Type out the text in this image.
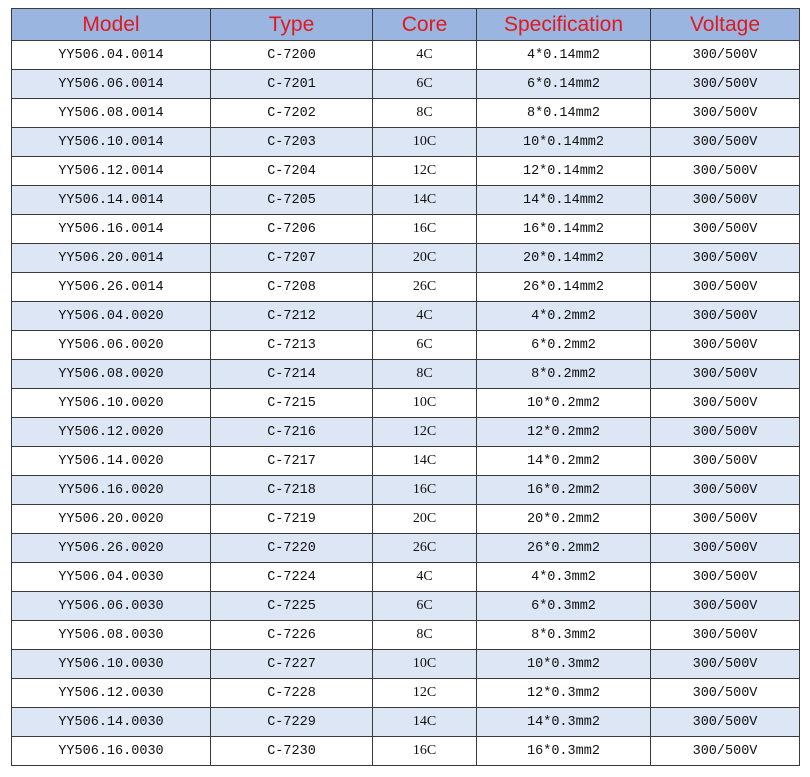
Model	Type	Core	Specification	Voltage
YY506.04.0014	C-7200	4C	4*0.14mm2	300/500V
YY506.06.0014	C-7201	6C	6*0.14mm2	300/500V
YY506.08.0014	C-7202	8C	8*0.14mm2	300/500V
YY506.10.0014	C-7203	10C	10*0.14mm2	300/500V
YY506.12.0014	C-7204	12C	12*0.14mm2	300/500V
YY506.14.0014	C-7205	14C	14*0.14mm2	300/500V
YY506.16.0014	C-7206	16C	16*0.14mm2	300/500V
YY506.20.0014	C-7207	20C	20*0.14mm2	300/500V
YY506.26.0014	C-7208	26C	26*0.14mm2	300/500V
YY506.04.0020	C-7212	4C	4*0.2mm2	300/500V
YY506.06.0020	C-7213	6C	6*0.2mm2	300/500V
YY506.08.0020	C-7214	8C	8*0.2mm2	300/500V
YY506.10.0020	C-7215	10C	10*0.2mm2	300/500V
YY506.12.0020	C-7216	12C	12*0.2mm2	300/500V
YY506.14.0020	C-7217	14C	14*0.2mm2	300/500V
YY506.16.0020	C-7218	16C	16*0.2mm2	300/500V
YY506.20.0020	C-7219	20C	20*0.2mm2	300/500V
YY506.26.0020	C-7220	26C	26*0.2mm2	300/500V
YY506.04.0030	C-7224	4C	4*0.3mm2	300/500V
YY506.06.0030	C-7225	6C	6*0.3mm2	300/500V
YY506.08.0030	C-7226	8C	8*0.3mm2	300/500V
YY506.10.0030	C-7227	10C	10*0.3mm2	300/500V
YY506.12.0030	C-7228	12C	12*0.3mm2	300/500V
YY506.14.0030	C-7229	14C	14*0.3mm2	300/500V
YY506.16.0030	C-7230	16C	16*0.3mm2	300/500V
